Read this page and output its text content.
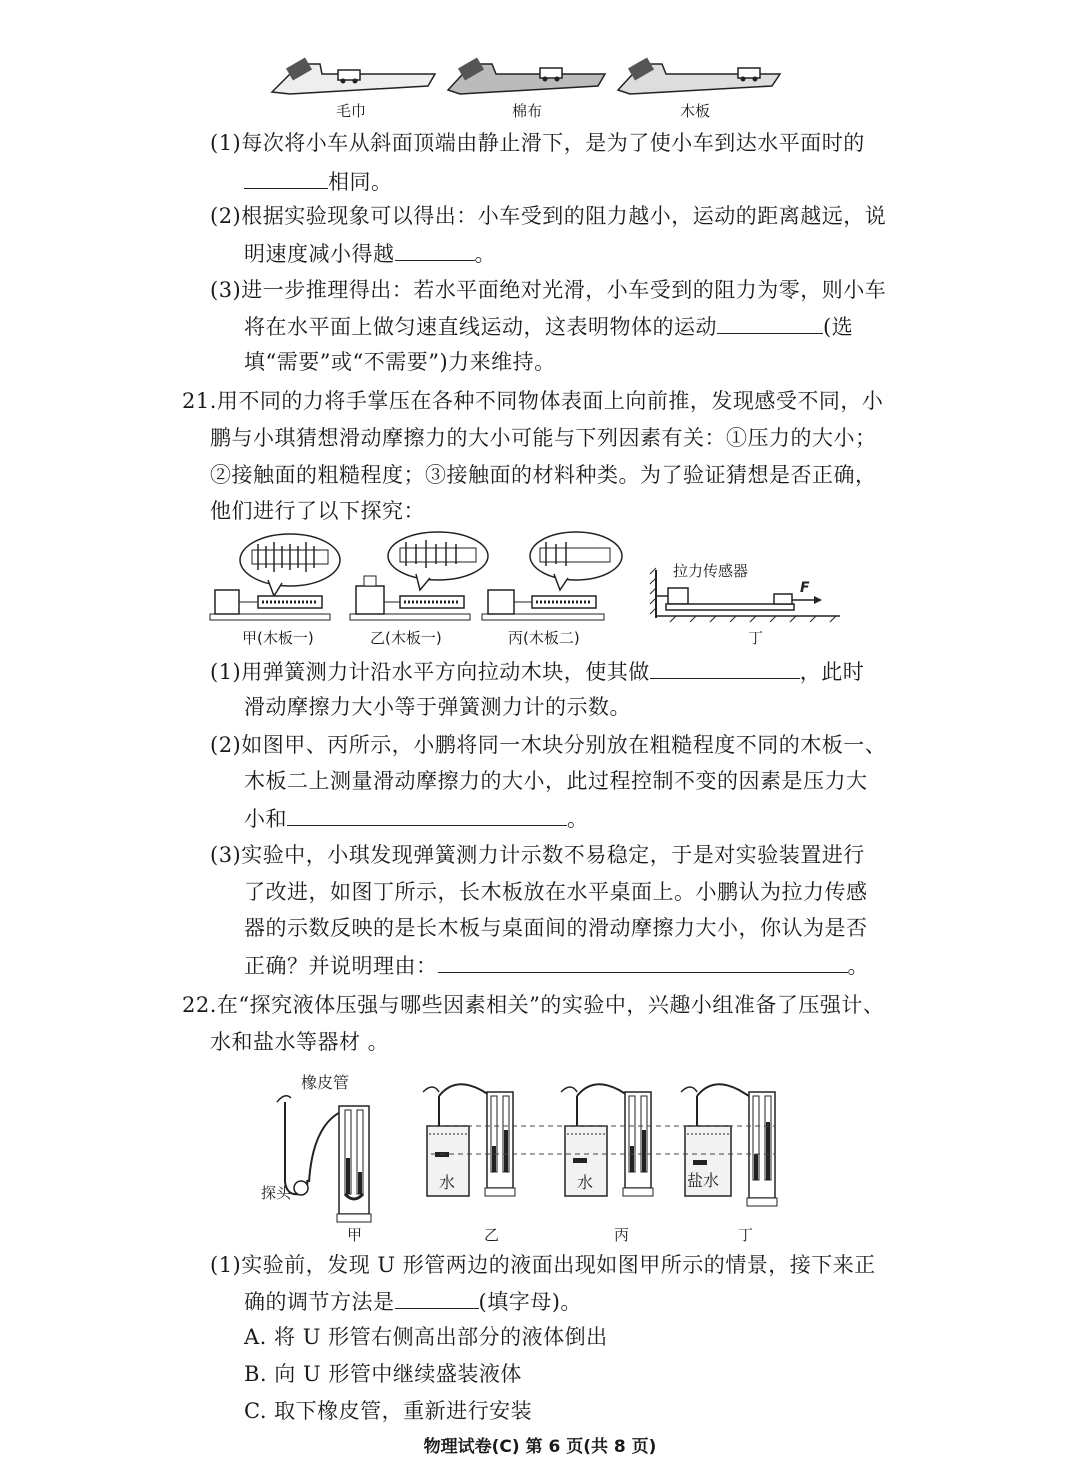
毛巾	棉布	木板
(1)每次将小车从斜面顶端由静止滑下，是为了使小车到达水平面时的
相同。
(2)根据实验现象可以得出：小车受到的阻力越小，运动的距离越远，说
明速度减小得越	。
(3)进一步推理得出：若水平面绝对光滑，小车受到的阻力为零，则小车
将在水平面上做匀速直线运动，这表明物体的运动	(选
填“需要”或“不需要”)力来维持。
21.用不同的力将手掌压在各种不同物体表面上向前推，发现感受不同，小
鹏与小琪猜想滑动摩擦力的大小可能与下列因素有关：①压力的大小；
②接触面的粗糙程度；③接触面的材料种类。为了验证猜想是否正确，
他们进行了以下探究：
拉力传感器
F
甲(木板一)	乙(木板一)	丙(木板二)	丁
(1)用弹簧测力计沿水平方向拉动木块，使其做	，此时
滑动摩擦力大小等于弹簧测力计的示数。
(2)如图甲、丙所示，小鹏将同一木块分别放在粗糙程度不同的木板一、
木板二上测量滑动摩擦力的大小，此过程控制不变的因素是压力大
小和	。
(3)实验中，小琪发现弹簧测力计示数不易稳定，于是对实验装置进行
了改进，如图丁所示，长木板放在水平桌面上。小鹏认为拉力传感
器的示数反映的是长木板与桌面间的滑动摩擦力大小，你认为是否
正确？并说明理由：	。
22.在“探究液体压强与哪些因素相关”的实验中，兴趣小组准备了压强计、
水和盐水等器材 。
橡皮管
探头
水	水	盐水
甲	乙	丙	丁
(1)实验前，发现 U 形管两边的液面出现如图甲所示的情景，接下来正
确的调节方法是	(填字母)。
A. 将 U 形管右侧高出部分的液体倒出
B. 向 U 形管中继续盛装液体
C. 取下橡皮管，重新进行安装
物理试卷(C) 第 6 页(共 8 页)
